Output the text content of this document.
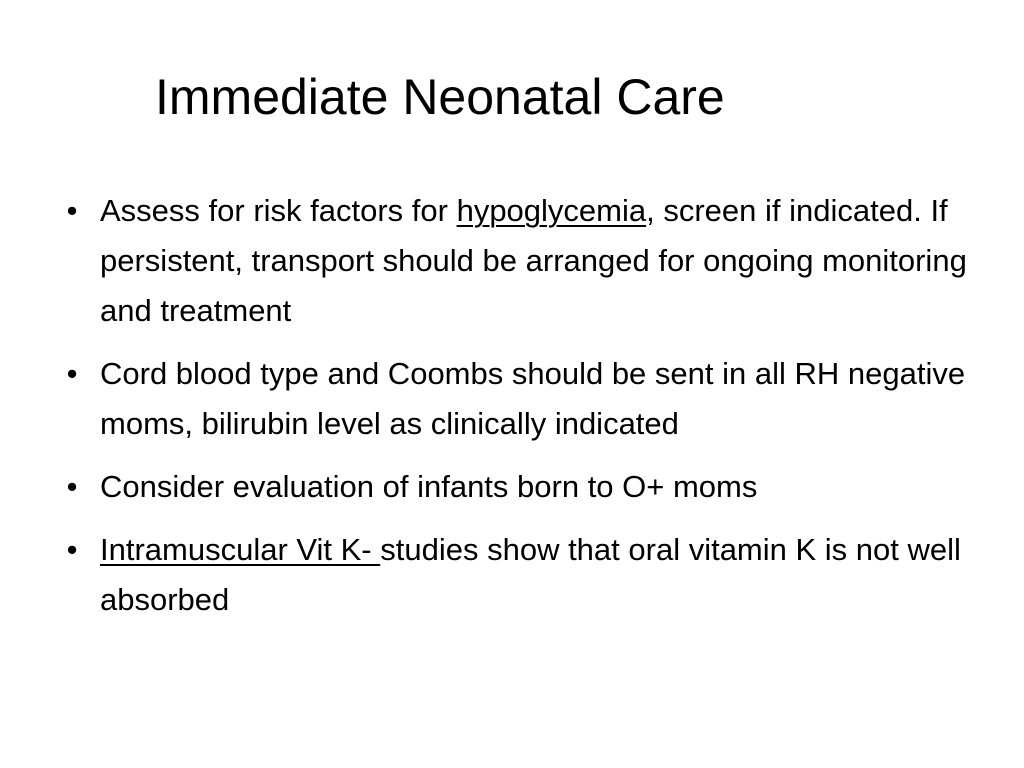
Immediate Neonatal Care
• Assess for risk factors for hypoglycemia, screen if indicated. If persistent, transport should be arranged for ongoing monitoring and treatment
• Cord blood type and Coombs should be sent in all RH negative moms, bilirubin level as clinically indicated
• Consider evaluation of infants born to O+ moms
• Intramuscular Vit K- studies show that oral vitamin K is not well absorbed
